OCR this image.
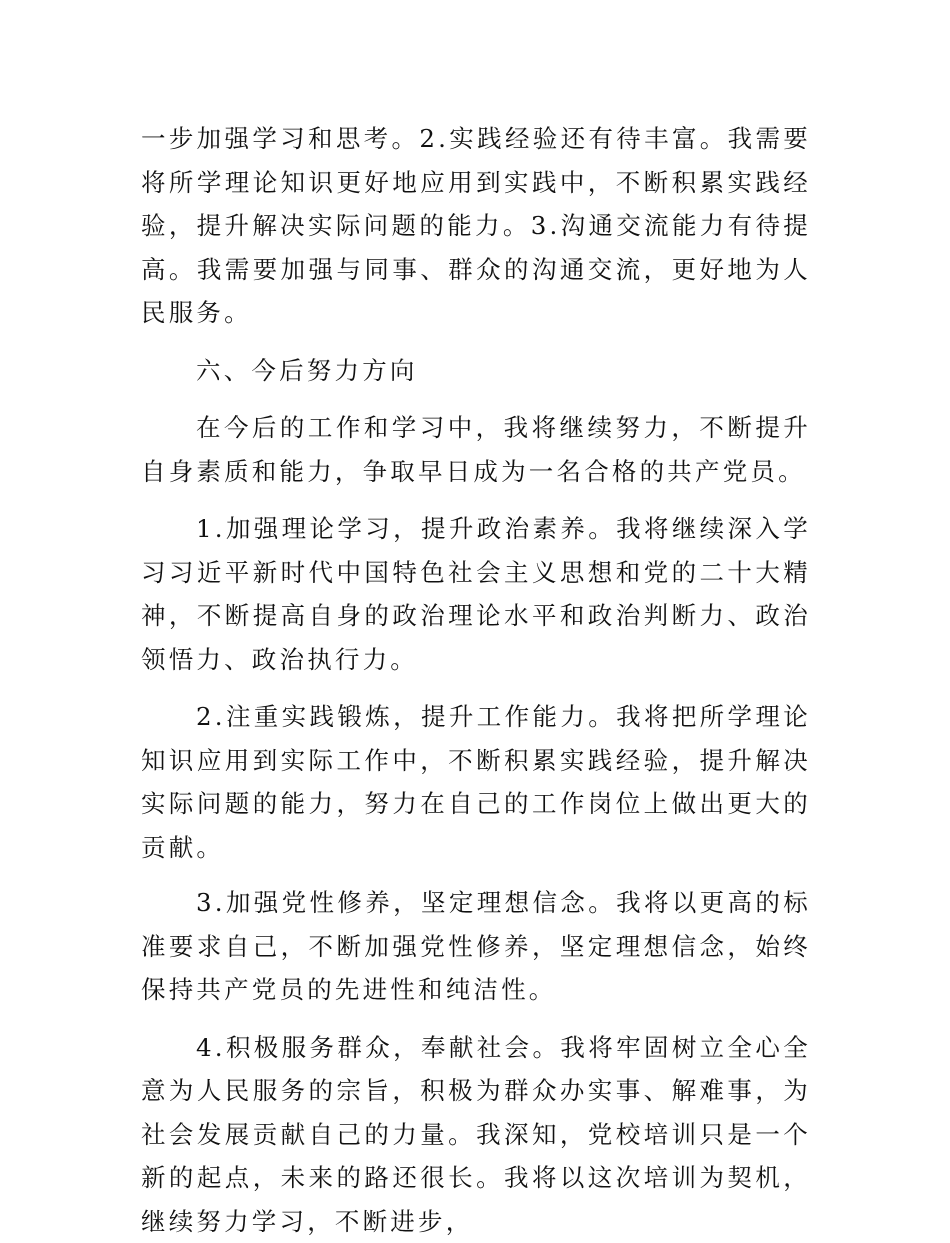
一步加强学习和思考。2.实践经验还有待丰富。我需要将所学理论知识更好地应用到实践中，不断积累实践经验，提升解决实际问题的能力。3.沟通交流能力有待提高。我需要加强与同事、群众的沟通交流，更好地为人民服务。

六、今后努力方向

在今后的工作和学习中，我将继续努力，不断提升自身素质和能力，争取早日成为一名合格的共产党员。

1.加强理论学习，提升政治素养。我将继续深入学习习近平新时代中国特色社会主义思想和党的二十大精神，不断提高自身的政治理论水平和政治判断力、政治领悟力、政治执行力。

2.注重实践锻炼，提升工作能力。我将把所学理论知识应用到实际工作中，不断积累实践经验，提升解决实际问题的能力，努力在自己的工作岗位上做出更大的贡献。

3.加强党性修养，坚定理想信念。我将以更高的标准要求自己，不断加强党性修养，坚定理想信念，始终保持共产党员的先进性和纯洁性。

4.积极服务群众，奉献社会。我将牢固树立全心全意为人民服务的宗旨，积极为群众办实事、解难事，为社会发展贡献自己的力量。我深知，党校培训只是一个新的起点，未来的路还很长。我将以这次培训为契机，继续努力学习，不断进步，
